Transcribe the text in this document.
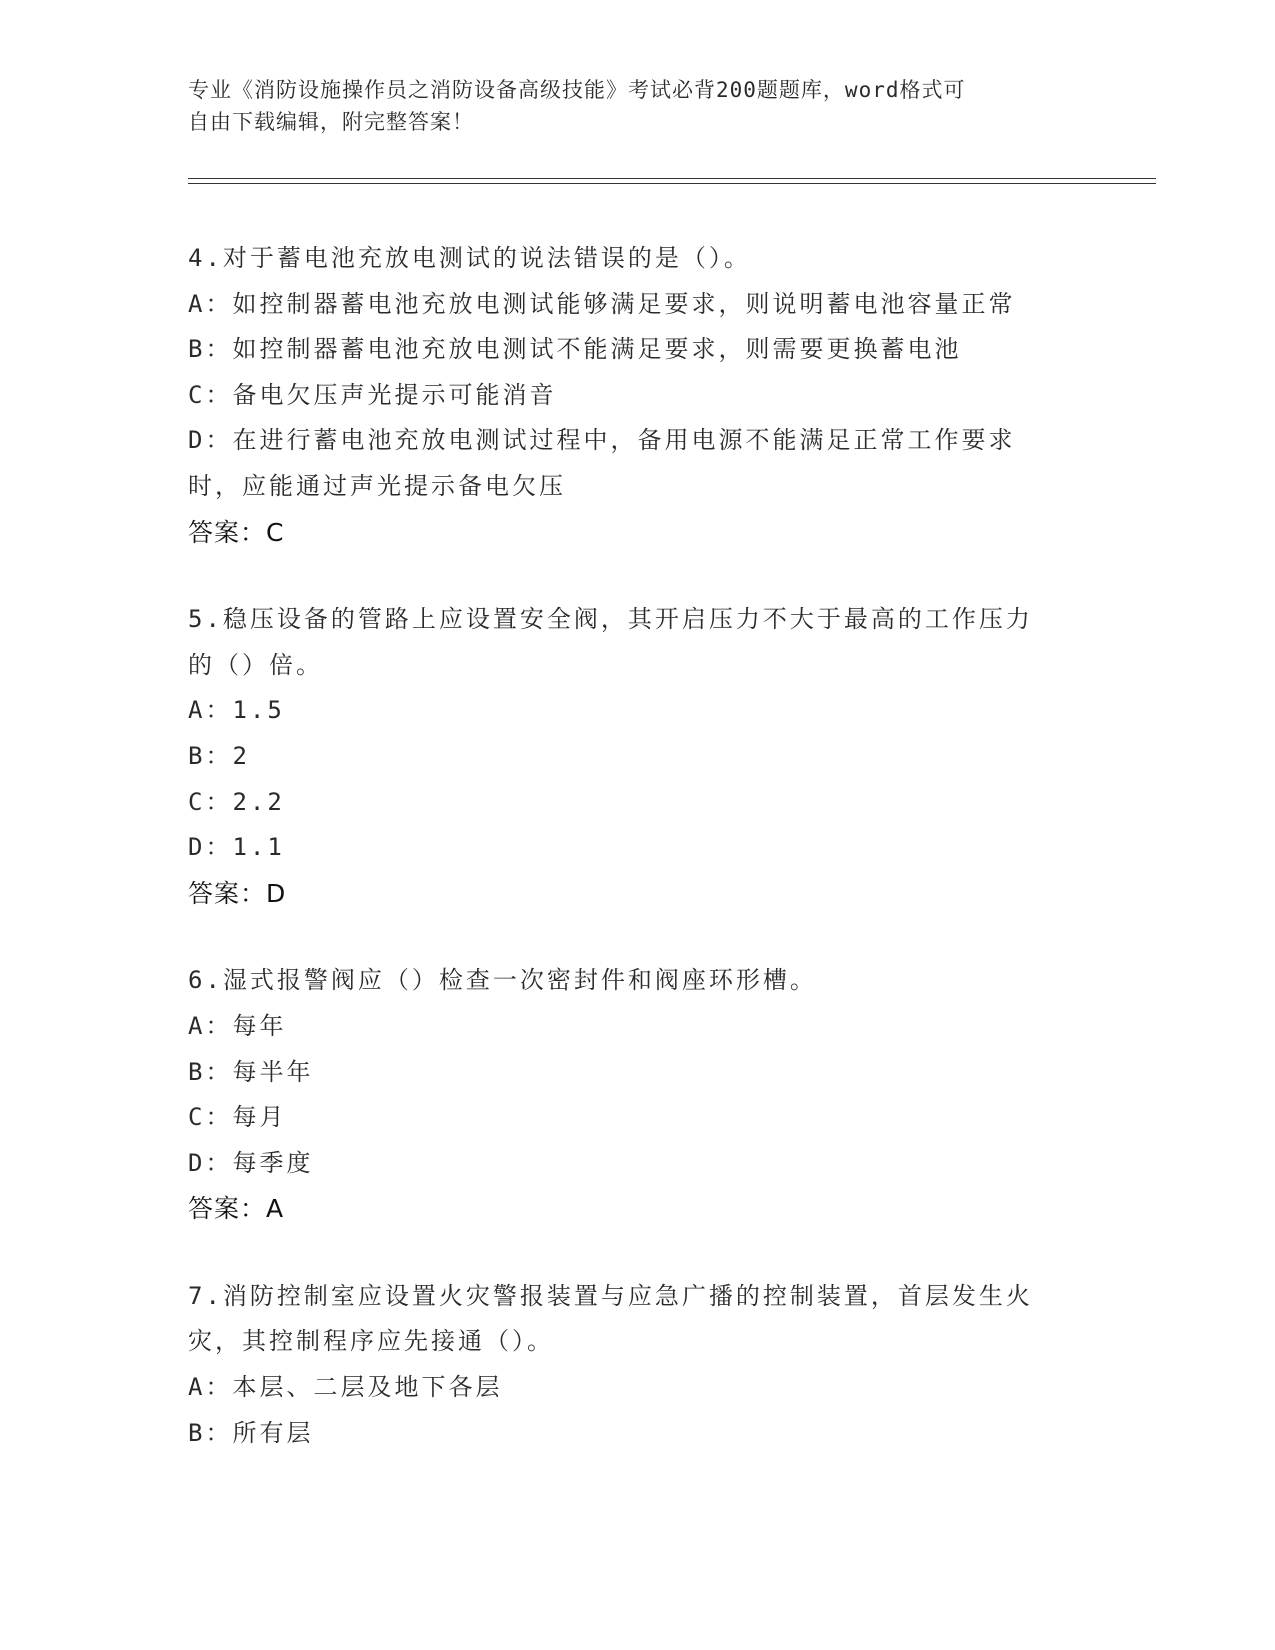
专业《消防设施操作员之消防设备高级技能》考试必背200题题库，word格式可
自由下载编辑，附完整答案！
4.对于蓄电池充放电测试的说法错误的是（）。
A：如控制器蓄电池充放电测试能够满足要求，则说明蓄电池容量正常
B：如控制器蓄电池充放电测试不能满足要求，则需要更换蓄电池
C：备电欠压声光提示可能消音
D：在进行蓄电池充放电测试过程中，备用电源不能满足正常工作要求时，应能通过声光提示备电欠压
答案：C
5.稳压设备的管路上应设置安全阀，其开启压力不大于最高的工作压力的（）倍。
A：1.5
B：2
C：2.2
D：1.1
答案：D
6.湿式报警阀应（）检查一次密封件和阀座环形槽。
A：每年
B：每半年
C：每月
D：每季度
答案：A
7.消防控制室应设置火灾警报装置与应急广播的控制装置，首层发生火灾，其控制程序应先接通（）。
A：本层、二层及地下各层
B：所有层
